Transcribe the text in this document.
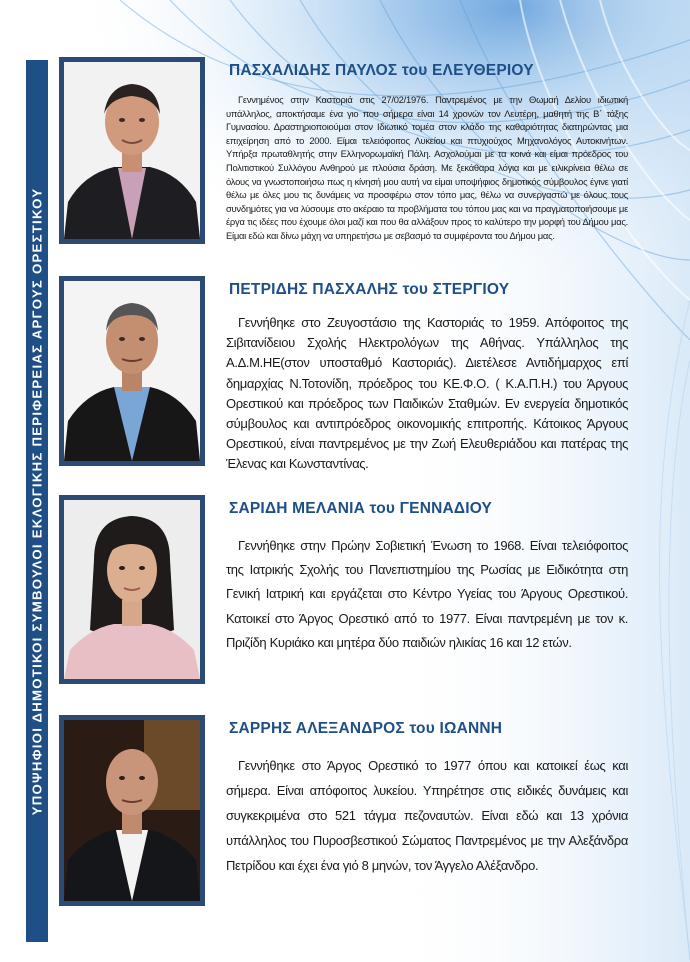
ΥΠΟΨΗΦΙΟΙ ΔΗΜΟΤΙΚΟΙ ΣΥΜΒΟΥΛΟΙ ΕΚΛΟΓΙΚΗΣ ΠΕΡΙΦΕΡΕΙΑΣ ΑΡΓΟΥΣ ΟΡΕΣΤΙΚΟΥ
ΠΑΣΧΑΛΙΔΗΣ ΠΑΥΛΟΣ του ΕΛΕΥΘΕΡΙΟΥ

Γεννημένος στην Καστοριά στις 27/02/1976. Παντρεμένος με την Θωμαή Δελίου ιδιωτική υπάλληλος, αποκτήσαμε ένα γιο που σήμερα είναι 14 χρονών τον Λευτέρη, μαθητή της Β΄ τάξης Γυμνασίου. Δραστηριοποιούμαι στον Ιδιωτικό τομέα στον κλάδο της καθαριότητας διατηρώντας μια επιχείρηση από το 2000. Είμαι τελειόφοιτος Λυκείου και πτυχιούχος Μηχανολόγος Αυτοκινήτων. Υπήρξα πρωταθλητής στην Ελληνορωμαϊκή Πάλη. Ασχολούμαι με τα κοινά και είμαι πρόεδρος του Πολιτιστικού Συλλόγου Ανθηρού με πλούσια δράση. Με ξεκάθαρα λόγια και με ειλικρίνεια θέλω σε όλους να γνωστοποιήσω πως η κίνησή μου αυτή να είμαι υποψήφιος δημοτικός σύμβουλος έγινε γιατί θέλω με όλες μου τις δυνάμεις να προσφέρω στον τόπο μας, θέλω να συνεργαστώ με όλους τους συνδημότες για να λύσουμε στο ακέραιο τα προβλήματα του τόπου μας και να πραγματοποιήσουμε με έργα τις ιδέες που έχουμε όλοι μαζί και που θα αλλάξουν προς το καλύτερο την μορφή του Δήμου μας. Είμαι εδώ και δίνω μάχη να υπηρετήσω με σεβασμό τα συμφέροντα του Δήμου μας.

ΠΕΤΡΙΔΗΣ ΠΑΣΧΑΛΗΣ του ΣΤΕΡΓΙΟΥ

Γεννήθηκε στο Ζευγοστάσιο της Καστοριάς το 1959. Απόφοιτος της Σιβιτανίδειου Σχολής Ηλεκτρολόγων της Αθήνας. Υπάλληλος της Α.Δ.Μ.ΗΕ(στον υποσταθμό Καστοριάς). Διετέλεσε Αντιδήμαρχος επί δημαρχίας Ν.Τοτονίδη, πρόεδρος του ΚΕ.Φ.Ο. ( Κ.Α.Π.Η.) του Άργους Ορεστικού και πρόεδρος των Παιδικών Σταθμών. Εν ενεργεία δημοτικός σύμβουλος και αντιπρόεδρος οικονομικής επιτροπής. Κάτοικος Άργους Ορεστικού, είναι παντρεμένος με την Ζωή Ελευθεριάδου και πατέρας της Έλενας και Κωνσταντίνας.

ΣΑΡΙΔΗ ΜΕΛΑΝΙΑ του ΓΕΝΝΑΔΙΟΥ

Γεννήθηκε στην Πρώην Σοβιετική Ένωση το 1968. Είναι τελειόφοιτος της Ιατρικής Σχολής του Πανεπιστημίου της Ρωσίας με Ειδικότητα στη Γενική Ιατρική και εργάζεται στο Κέντρο Υγείας του Άργους Ορεστικού. Κατοικεί στο Άργος Ορεστικό από το 1977. Είναι παντρεμένη με τον κ. Πριζίδη Κυριάκο και μητέρα δύο παιδιών ηλικίας 16 και 12 ετών.

ΣΑΡΡΗΣ ΑΛΕΞΑΝΔΡΟΣ του ΙΩΑΝΝΗ

Γεννήθηκε στο Άργος Ορεστικό το 1977 όπου και κατοικεί έως και σήμερα. Είναι απόφοιτος λυκείου. Υπηρέτησε στις ειδικές δυνάμεις και συγκεκριμένα στο 521 τάγμα πεζοναυτών. Είναι εδώ και 13 χρόνια υπάλληλος του Πυροσβεστικού Σώματος Παντρεμένος με την Αλεξάνδρα Πετρίδου και έχει ένα γιό 8 μηνών, τον Άγγελο Αλέξανδρο.
